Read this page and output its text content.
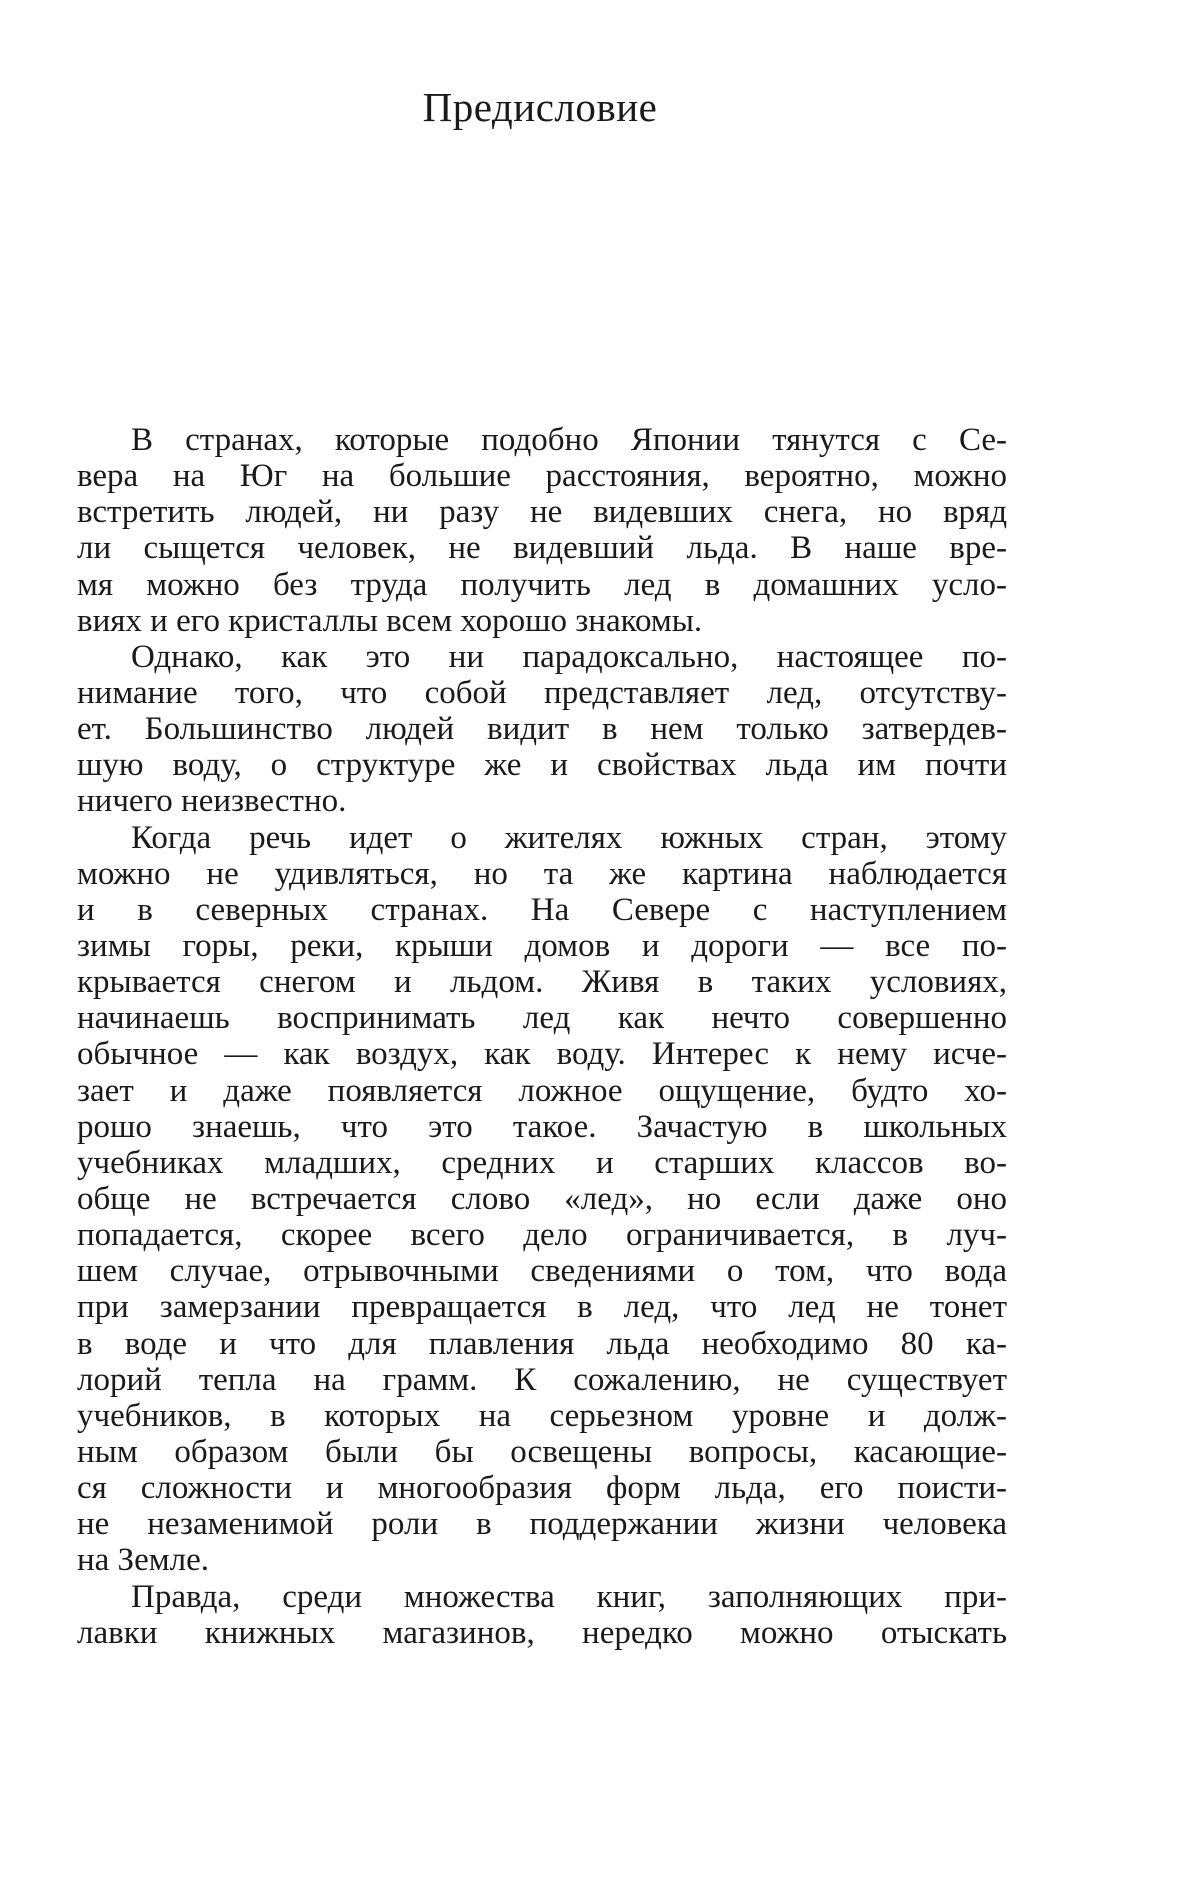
Предисловие
В странах, которые подобно Японии тянутся с Се-
вера на Юг на большие расстояния, вероятно, можно
встретить людей, ни разу не видевших снега, но вряд
ли сыщется человек, не видевший льда. В наше вре-
мя можно без труда получить лед в домашних усло-
виях и его кристаллы всем хорошо знакомы.
Однако, как это ни парадоксально, настоящее по-
нимание того, что собой представляет лед, отсутству-
ет. Большинство людей видит в нем только затвердев-
шую воду, о структуре же и свойствах льда им почти
ничего неизвестно.
Когда речь идет о жителях южных стран, этому
можно не удивляться, но та же картина наблюдается
и в северных странах. На Севере с наступлением
зимы горы, реки, крыши домов и дороги — все по-
крывается снегом и льдом. Живя в таких условиях,
начинаешь воспринимать лед как нечто совершенно
обычное — как воздух, как воду. Интерес к нему исче-
зает и даже появляется ложное ощущение, будто хо-
рошо знаешь, что это такое. Зачастую в школьных
учебниках младших, средних и старших классов во-
обще не встречается слово «лед», но если даже оно
попадается, скорее всего дело ограничивается, в луч-
шем случае, отрывочными сведениями о том, что вода
при замерзании превращается в лед, что лед не тонет
в воде и что для плавления льда необходимо 80 ка-
лорий тепла на грамм. К сожалению, не существует
учебников, в которых на серьезном уровне и долж-
ным образом были бы освещены вопросы, касающие-
ся сложности и многообразия форм льда, его поисти-
не незаменимой роли в поддержании жизни человека
на Земле.
Правда, среди множества книг, заполняющих при-
лавки книжных магазинов, нередко можно отыскать
